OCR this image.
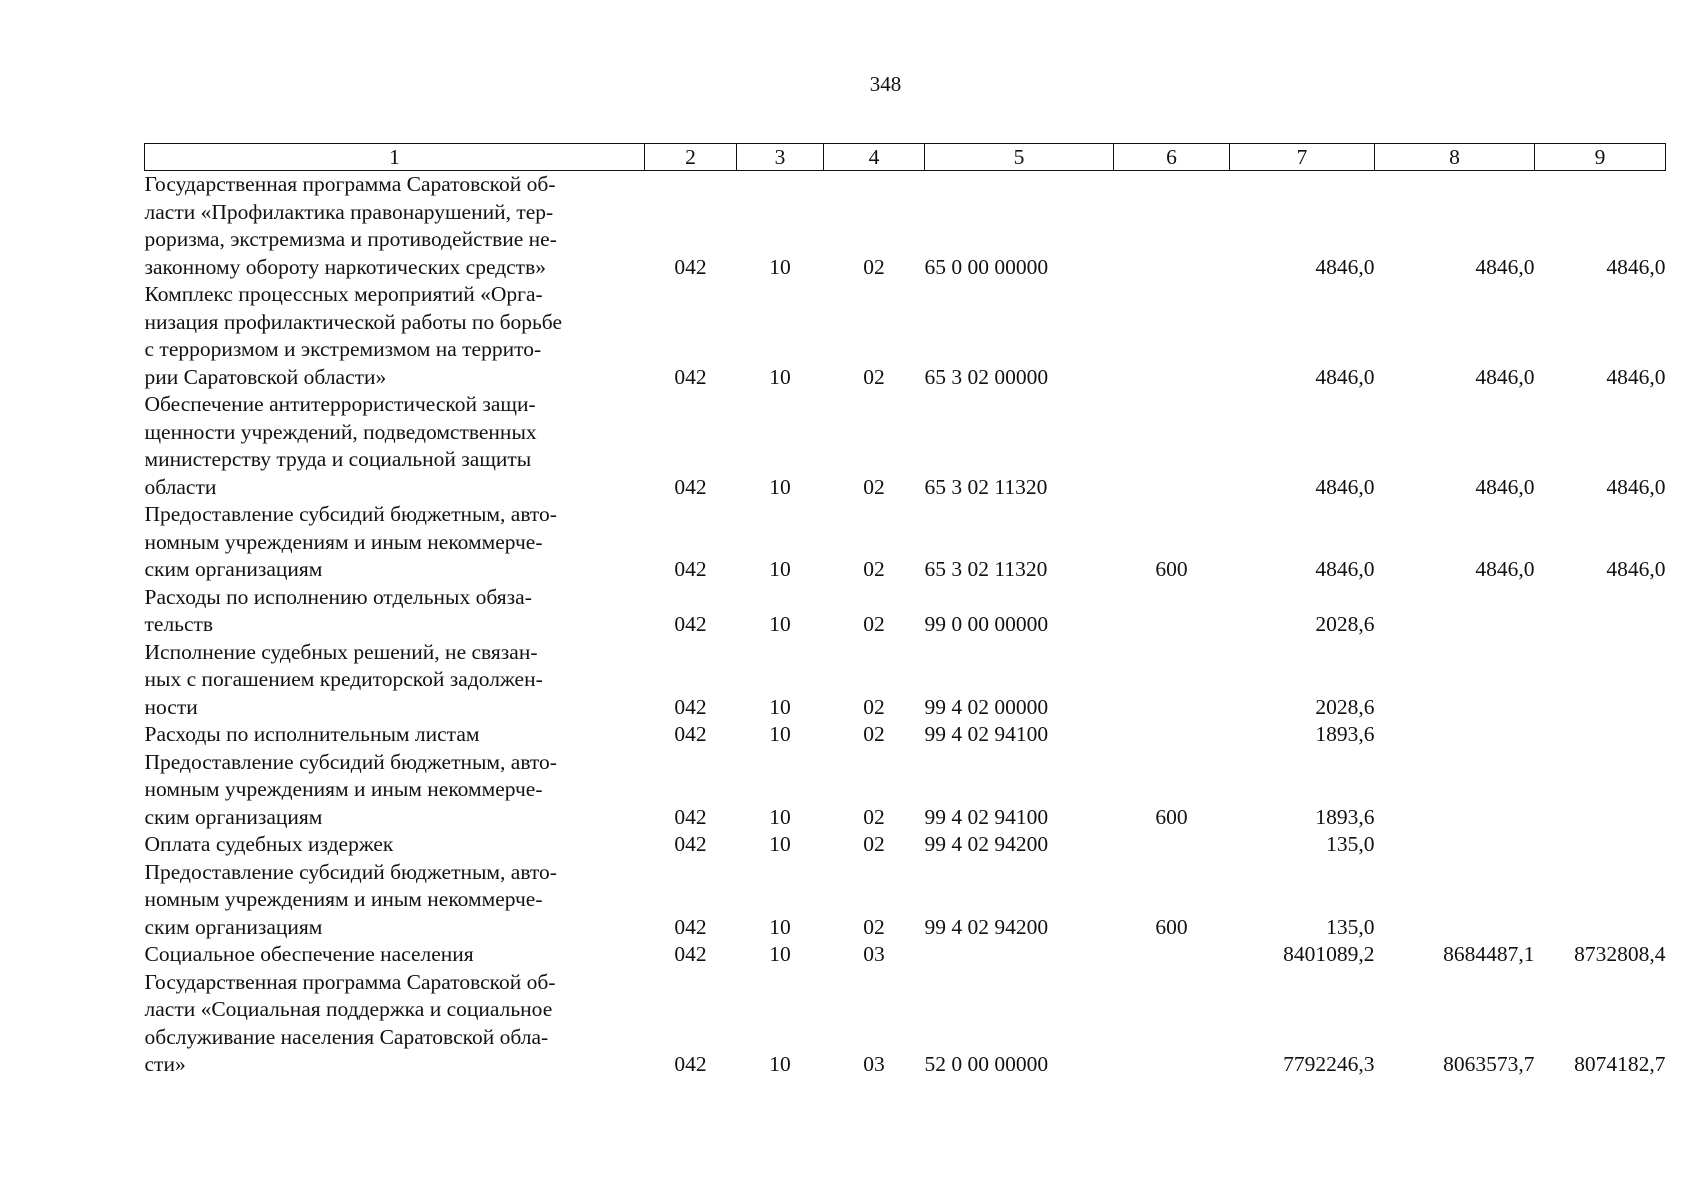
348
1	2	3	4	5	6	7	8	9
Государственная программа Саратовской об-
ласти «Профилактика правонарушений, тер-
роризма, экстремизма и противодействие не-
законному обороту наркотических средств»	042	10	02	65 0 00 00000		4846,0	4846,0	4846,0
Комплекс процессных мероприятий «Орга-
низация профилактической работы по борьбе
с терроризмом и экстремизмом на террито-
рии Саратовской области»	042	10	02	65 3 02 00000		4846,0	4846,0	4846,0
Обеспечение антитеррористической защи-
щенности учреждений, подведомственных
министерству труда и социальной защиты
области	042	10	02	65 3 02 11320		4846,0	4846,0	4846,0
Предоставление субсидий бюджетным, авто-
номным учреждениям и иным некоммерче-
ским организациям	042	10	02	65 3 02 11320	600	4846,0	4846,0	4846,0
Расходы по исполнению отдельных обяза-
тельств	042	10	02	99 0 00 00000		2028,6		
Исполнение судебных решений, не связан-
ных с погашением кредиторской задолжен-
ности	042	10	02	99 4 02 00000		2028,6		
Расходы по исполнительным листам	042	10	02	99 4 02 94100		1893,6		
Предоставление субсидий бюджетным, авто-
номным учреждениям и иным некоммерче-
ским организациям	042	10	02	99 4 02 94100	600	1893,6		
Оплата судебных издержек	042	10	02	99 4 02 94200		135,0		
Предоставление субсидий бюджетным, авто-
номным учреждениям и иным некоммерче-
ским организациям	042	10	02	99 4 02 94200	600	135,0		
Социальное обеспечение населения	042	10	03			8401089,2	8684487,1	8732808,4
Государственная программа Саратовской об-
ласти «Социальная поддержка и социальное
обслуживание населения Саратовской обла-
сти»	042	10	03	52 0 00 00000		7792246,3	8063573,7	8074182,7
